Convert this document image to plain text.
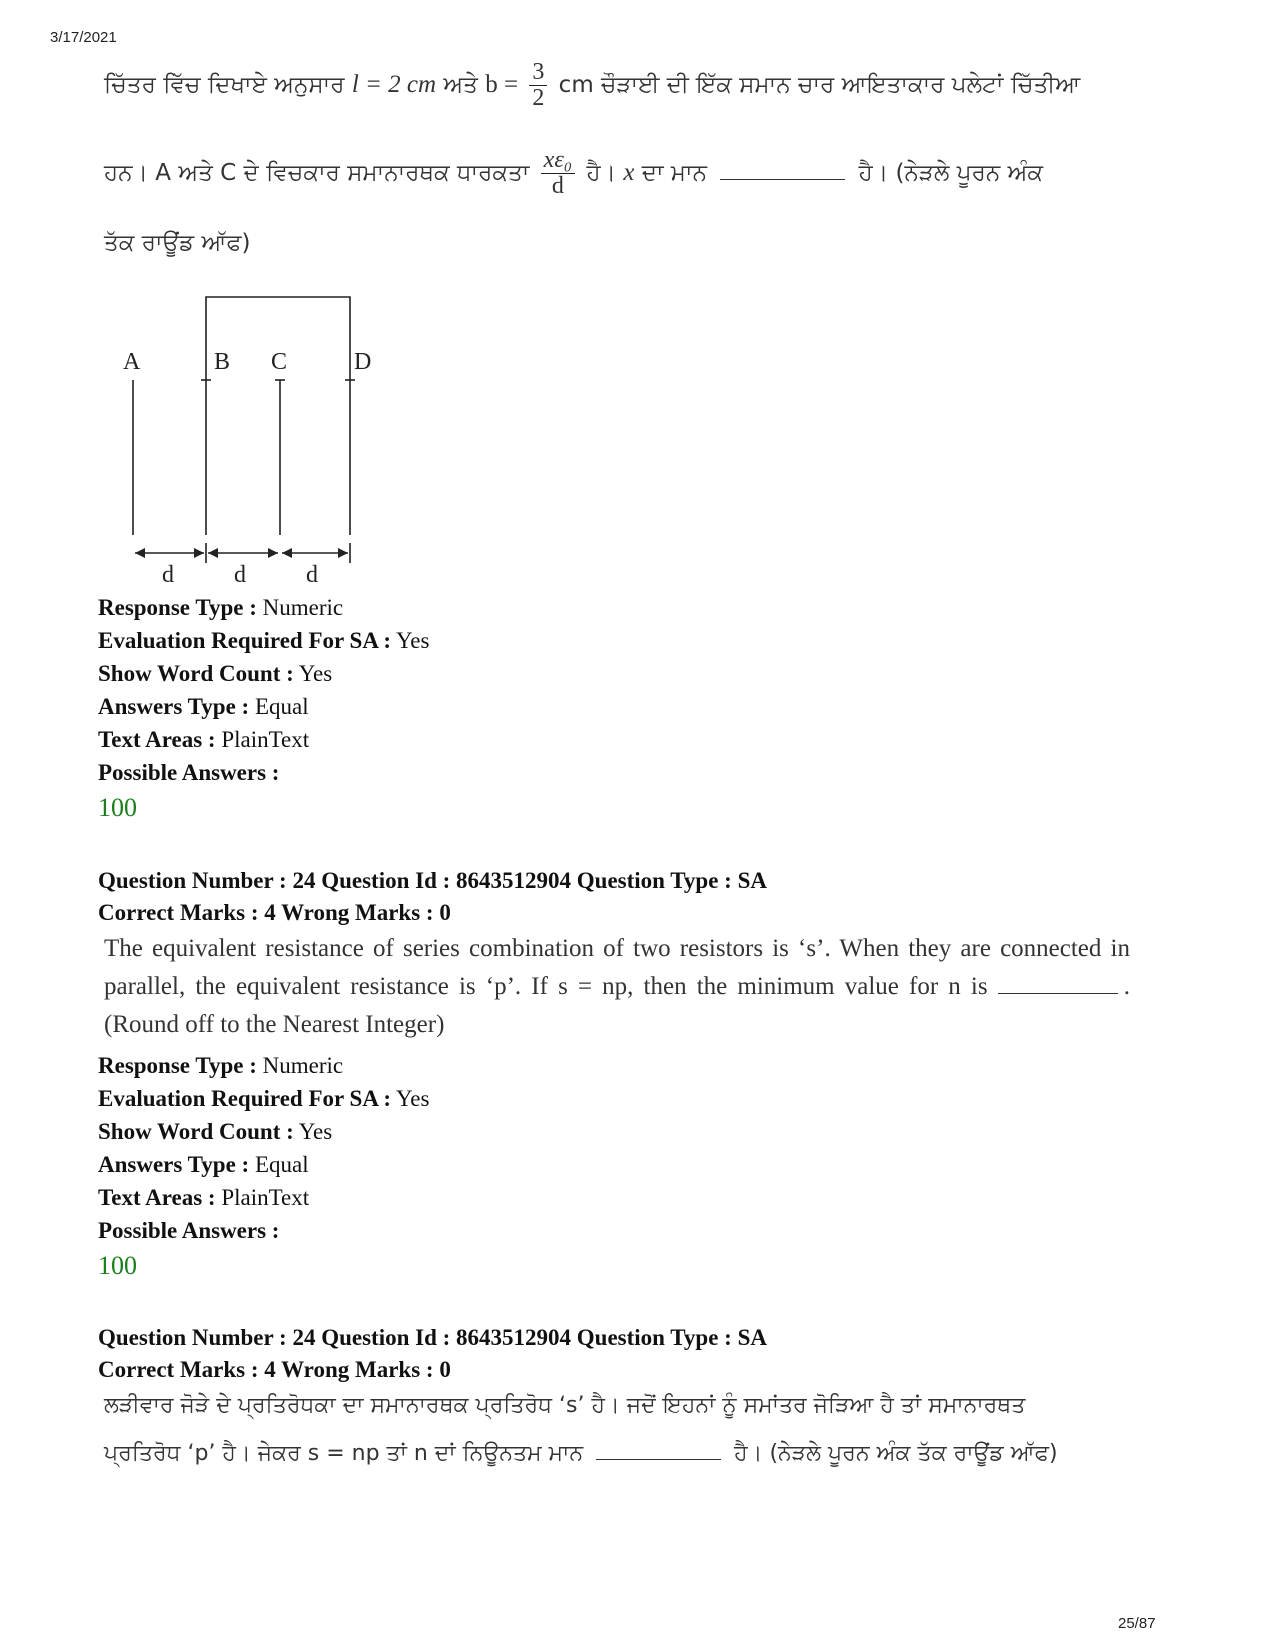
3/17/2021
ਚਿੱਤਰ ਵਿੱਚ ਦਿਖਾਏ ਅਨੁਸਾਰ l = 2 cm ਅਤੇ $b = \frac{3}{2}$ cm ਚੌੜਾਈ ਦੀ ਇੱਕ ਸਮਾਨ ਚਾਰ ਆਇਤਾਕਾਰ ਪਲੇਟਾਂ ਚਿੱਤੀਆ
ਹਨ। A ਅਤੇ C ਦੇ ਵਿਚਕਾਰ ਸਮਾਨਾਰਥਕ ਧਾਰਕਤਾ $\frac{\text{xε₀}}{d}$ ਹੈ। x ਦਾ ਮਾਨ	ਹੈ। (ਨੇੜਲੇ ਪੂਰਨ ਅੰਕ
ਤੱਕ ਰਾਊਂਡ ਆੱਫ)
A	B C	D
d	d	d
Response Type : Numeric
Evaluation Required For SA : Yes
Show Word Count : Yes
Answers Type : Equal
Text Areas : PlainText
Possible Answers :
100
Question Number : 24 Question Id : 8643512904 Question Type : SA
Correct Marks : 4 Wrong Marks : 0
The equivalent resistance of series combination of two resistors is ‘s’. When they are connected in parallel, the equivalent resistance is ‘p’. If s = np, then the minimum value for n is	. (Round off to the Nearest Integer)
Response Type : Numeric
Evaluation Required For SA : Yes
Show Word Count : Yes
Answers Type : Equal
Text Areas : PlainText
Possible Answers :
100
Question Number : 24 Question Id : 8643512904 Question Type : SA
Correct Marks : 4 Wrong Marks : 0
ਲੜੀਵਾਰ ਜੋੜੇ ਦੇ ਪ੍ਰਤਿਰੋਧਕਾ ਦਾ ਸਮਾਨਾਰਥਕ ਪ੍ਰਤਿਰੋਧ ‘s’ ਹੈ। ਜਦੋਂ ਇਹਨਾਂ ਨੂੰ ਸਮਾਂਤਰ ਜੋੜਿਆ ਹੈ ਤਾਂ ਸਮਾਨਾਰਥਤ
ਪ੍ਰਤਿਰੋਧ ‘p’ ਹੈ। ਜੇਕਰ s = np ਤਾਂ n ਦਾਂ ਨਿਊਨਤਮ ਮਾਨ	ਹੈ। (ਨੇੜਲੇ ਪੂਰਨ ਅੰਕ ਤੱਕ ਰਾਊਂਡ ਆੱਫ)
25/87
